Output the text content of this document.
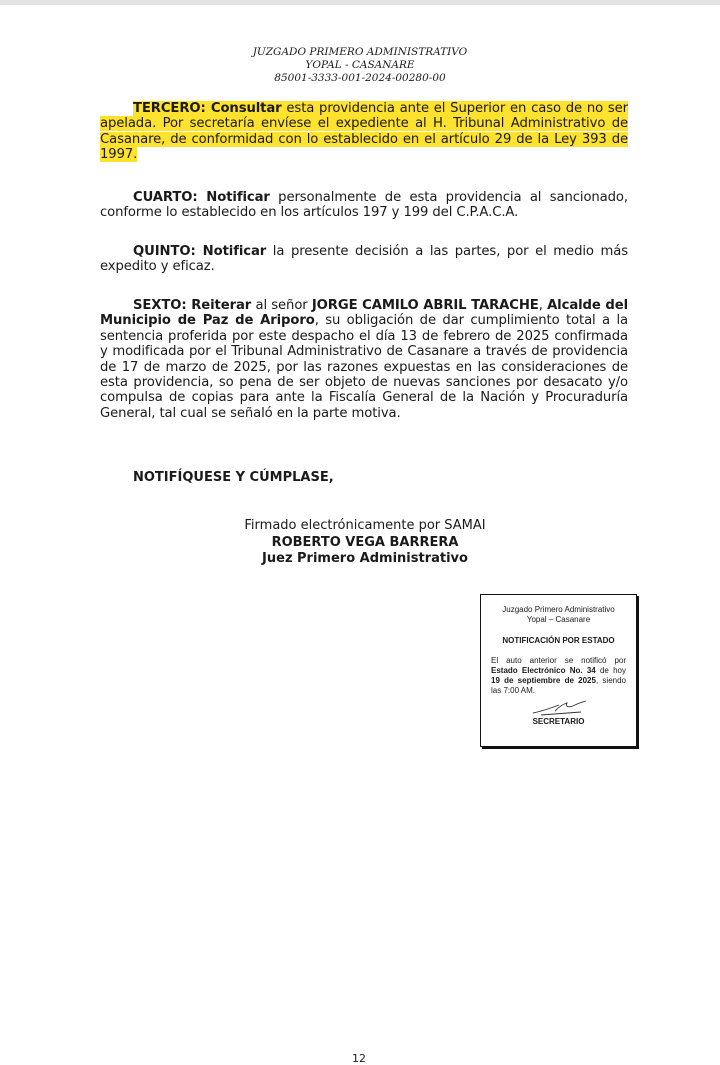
JUZGADO PRIMERO ADMINISTRATIVO
YOPAL - CASANARE
85001-3333-001-2024-00280-00
TERCERO: Consultar esta providencia ante el Superior en caso de no ser apelada. Por secretaría envíese el expediente al H. Tribunal Administrativo de Casanare, de conformidad con lo establecido en el artículo 29 de la Ley 393 de 1997.
CUARTO: Notificar personalmente de esta providencia al sancionado, conforme lo establecido en los artículos 197 y 199 del C.P.A.C.A.
QUINTO: Notificar la presente decisión a las partes, por el medio más expedito y eficaz.
SEXTO: Reiterar al señor JORGE CAMILO ABRIL TARACHE, Alcalde del Municipio de Paz de Ariporo, su obligación de dar cumplimiento total a la sentencia proferida por este despacho el día 13 de febrero de 2025 confirmada y modificada por el Tribunal Administrativo de Casanare a través de providencia de 17 de marzo de 2025, por las razones expuestas en las consideraciones de esta providencia, so pena de ser objeto de nuevas sanciones por desacato y/o compulsa de copias para ante la Fiscalía General de la Nación y Procuraduría General, tal cual se señaló en la parte motiva.
NOTIFÍQUESE Y CÚMPLASE,
Firmado electrónicamente por SAMAI
ROBERTO VEGA BARRERA
Juez Primero Administrativo
Juzgado Primero Administrativo
Yopal – Casanare
NOTIFICACIÓN POR ESTADO
El auto anterior se notificó por Estado Electrónico No. 34 de hoy 19 de septiembre de 2025, siendo las 7:00 AM.
SECRETARIO
12
